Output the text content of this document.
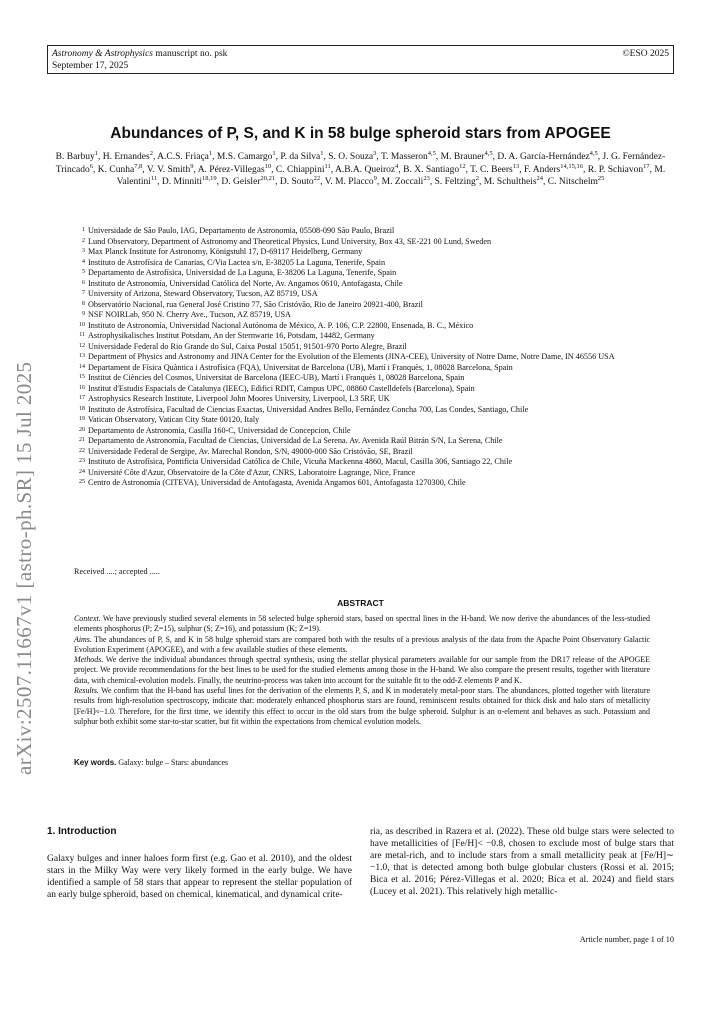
Astronomy & Astrophysics manuscript no. psk
September 17, 2025
©ESO 2025
arXiv:2507.11667v1 [astro-ph.SR] 15 Jul 2025
Abundances of P, S, and K in 58 bulge spheroid stars from APOGEE
B. Barbuy$^1$, H. Ernandes$^2$, A.C.S. Friaça$^1$, M.S. Camargo$^1$, P. da Silva$^1$, S. O. Souza$^3$, T. Masseron$^{4,5}$, M. Brauner$^{4,5}$, D. A. García-Hernández$^{4,5}$, J. G. Fernández-Trincado$^6$, K. Cunha$^{7,8}$, V. V. Smith$^9$, A. Pérez-Villegas$^{10}$, C. Chiappini$^{11}$, A.B.A. Queiroz$^4$, B. X. Santiago$^{12}$, T. C. Beers$^{13}$, F. Anders$^{14,15,16}$, R. P. Schiavon$^{17}$, M. Valentini$^{11}$, D. Minniti$^{18,19}$, D. Geisler$^{20,21}$, D. Souto$^{22}$, V. M. Placco$^9$, M. Zoccali$^{23}$, S. Feltzing$^2$, M. Schultheis$^{24}$, C. Nitschelm$^{25}$
1 Universidade de São Paulo, IAG, Departamento de Astronomia, 05508-090 São Paulo, Brazil
2 Lund Observatory, Department of Astronomy and Theoretical Physics, Lund University, Box 43, SE-221 00 Lund, Sweden
3 Max Planck Institute for Astronomy, Königstuhl 17, D-69117 Heidelberg, Germany
4 Instituto de Astrofísica de Canarias, C/Via Lactea s/n, E-38205 La Laguna, Tenerife, Spain
5 Departamento de Astrofísica, Universidad de La Laguna, E-38206 La Laguna, Tenerife, Spain
6 Instituto de Astronomía, Universidad Católica del Norte, Av. Angamos 0610, Antofagasta, Chile
7 University of Arizona, Steward Observatory, Tucson, AZ 85719, USA
8 Observatório Nacional, rua General José Cristino 77, São Cristóvão, Rio de Janeiro 20921-400, Brazil
9 NSF NOIRLab, 950 N. Cherry Ave., Tucson, AZ 85719, USA
10 Instituto de Astronomía, Universidad Nacional Autónoma de México, A. P. 106, C.P. 22800, Ensenada, B. C., México
11 Astrophysikalisches Institut Potsdam, An der Sternwarte 16, Potsdam, 14482, Germany
12 Universidade Federal do Rio Grande do Sul, Caixa Postal 15051, 91501-970 Porto Alegre, Brazil
13 Department of Physics and Astronomy and JINA Center for the Evolution of the Elements (JINA-CEE), University of Notre Dame, Notre Dame, IN 46556 USA
14 Departament de Física Quàntica i Astrofísica (FQA), Universitat de Barcelona (UB), Martí i Franquès, 1, 08028 Barcelona, Spain
15 Institut de Ciències del Cosmos, Universitat de Barcelona (IEEC-UB), Martí i Franquès 1, 08028 Barcelona, Spain
16 Institut d'Estudis Espacials de Catalunya (IEEC), Edifici RDIT, Campus UPC, 08860 Castelldefels (Barcelona), Spain
17 Astrophysics Research Institute, Liverpool John Moores University, Liverpool, L3 5RF, UK
18 Instituto de Astrofísica, Facultad de Ciencias Exactas, Universidad Andres Bello, Fernández Concha 700, Las Condes, Santiago, Chile
19 Vatican Observatory, Vatican City State 00120, Italy
20 Departamento de Astronomia, Casilla 160-C, Universidad de Concepcion, Chile
21 Departamento de Astronomía, Facultad de Ciencias, Universidad de La Serena. Av. Avenida Raúl Bitrán S/N, La Serena, Chile
22 Universidade Federal de Sergipe, Av. Marechal Rondon, S/N, 49000-000 São Cristóvão, SE, Brazil
23 Instituto de Astrofísica, Pontificia Universidad Católica de Chile, Vicuña Mackenna 4860, Macul, Casilla 306, Santiago 22, Chile
24 Université Côte d'Azur, Observatoire de la Côte d'Azur, CNRS, Laboratoire Lagrange, Nice, France
25 Centro de Astronomía (CITEVA), Universidad de Antofagasta, Avenida Angamos 601, Antofagasta 1270300, Chile
Received ....; accepted .....
ABSTRACT

Context. We have previously studied several elements in 58 selected bulge spheroid stars, based on spectral lines in the H-band. We now derive the abundances of the less-studied elements phosphorus (P; Z=15), sulphur (S; Z=16), and potassium (K; Z=19).

Aims. The abundances of P, S, and K in 58 bulge spheroid stars are compared both with the results of a previous analysis of the data from the Apache Point Observatory Galactic Evolution Experiment (APOGEE), and with a few available studies of these elements.

Methods. We derive the individual abundances through spectral synthesis, using the stellar physical parameters available for our sample from the DR17 release of the APOGEE project. We provide recommendations for the best lines to be used for the studied elements among those in the H-band. We also compare the present results, together with literature data, with chemical-evolution models. Finally, the neutrino-process was taken into account for the suitable fit to the odd-Z elements P and K.

Results. We confirm that the H-band has useful lines for the derivation of the elements P, S, and K in moderately metal-poor stars. The abundances, plotted together with literature results from high-resolution spectroscopy, indicate that: moderately enhanced phosphorus stars are found, reminiscent results obtained for thick disk and halo stars of metallicity [Fe/H]≈−1.0. Therefore, for the first time, we identify this effect to occur in the old stars from the bulge spheroid. Sulphur is an α-element and behaves as such. Potassium and sulphur both exhibit some star-to-star scatter, but fit within the expectations from chemical evolution models.

Key words. Galaxy: bulge – Stars: abundances
1. Introduction
Galaxy bulges and inner haloes form first (e.g. Gao et al. 2010), and the oldest stars in the Milky Way were very likely formed in the early bulge. We have identified a sample of 58 stars that appear to represent the stellar population of an early bulge spheroid, based on chemical, kinematical, and dynamical crite-
ria, as described in Razera et al. (2022). These old bulge stars were selected to have metallicities of [Fe/H]< −0.8, chosen to exclude most of bulge stars that are metal-rich, and to include stars from a small metallicity peak at [Fe/H]∼ −1.0, that is detected among both bulge globular clusters (Rossi et al. 2015; Bica et al. 2016; Pérez-Villegas et al. 2020; Bica et al. 2024) and field stars (Lucey et al. 2021). This relatively high metallic-
Article number, page 1 of 10
